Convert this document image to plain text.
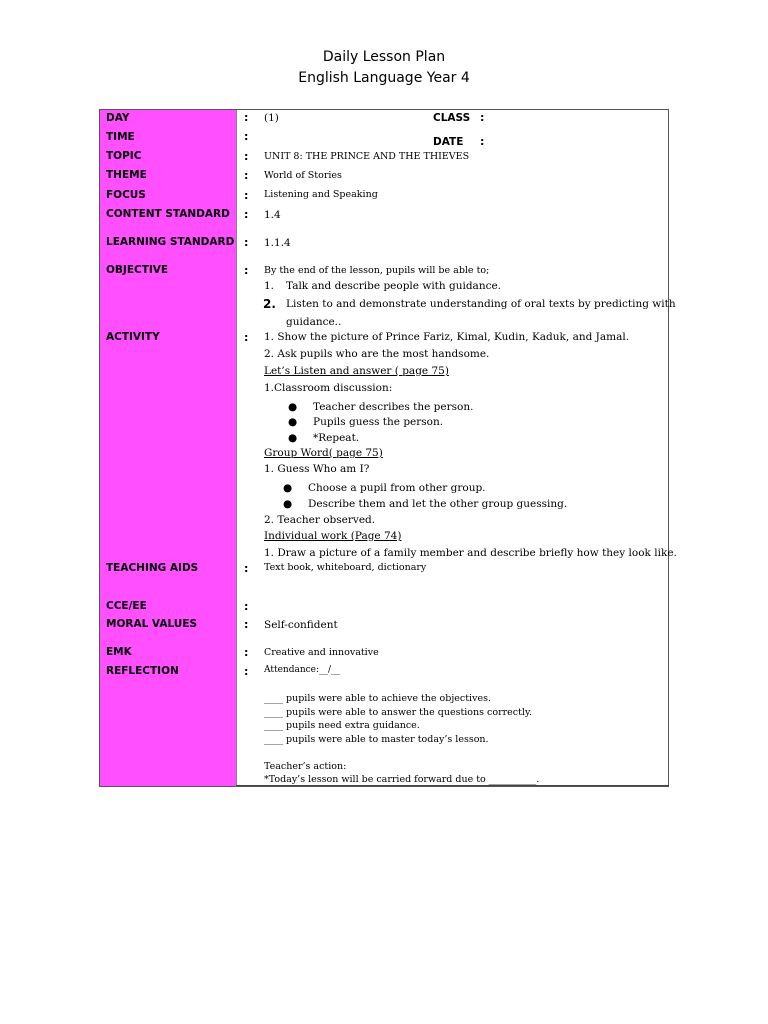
Daily Lesson Plan
English Language Year 4
DAY
TIME
TOPIC
THEME
FOCUS
CONTENT STANDARD
LEARNING STANDARD
OBJECTIVE
ACTIVITY
TEACHING AIDS
CCE/EE
MORAL VALUES
EMK
REFLECTION
:
:
:
:
:
:
:
:
:
:
:
:
:
:
CLASS :
DATE :
(1)
UNIT 8: THE PRINCE AND THE THIEVES
World of Stories
Listening and Speaking
1.4
1.1.4
By the end of the lesson, pupils will be able to;
1. Talk and describe people with guidance.
2. Listen to and demonstrate understanding of oral texts by predicting with
guidance..
1. Show the picture of Prince Fariz, Kimal, Kudin, Kaduk, and Jamal.
2. Ask pupils who are the most handsome.
Let’s Listen and answer ( page 75)
1.Classroom discussion:
● Teacher describes the person.
● Pupils guess the person.
● *Repeat.
Group Word( page 75)
1. Guess Who am I?
● Choose a pupil from other group.
● Describe them and let the other group guessing.
2. Teacher observed.
Individual work (Page 74)
1. Draw a picture of a family member and describe briefly how they look like.
Text book, whiteboard, dictionary
Self-confident
Creative and innovative
Attendance:__/__
____ pupils were able to achieve the objectives.
____ pupils were able to answer the questions correctly.
____ pupils need extra guidance.
____ pupils were able to master today’s lesson.
Teacher’s action:
*Today’s lesson will be carried forward due to __________.
